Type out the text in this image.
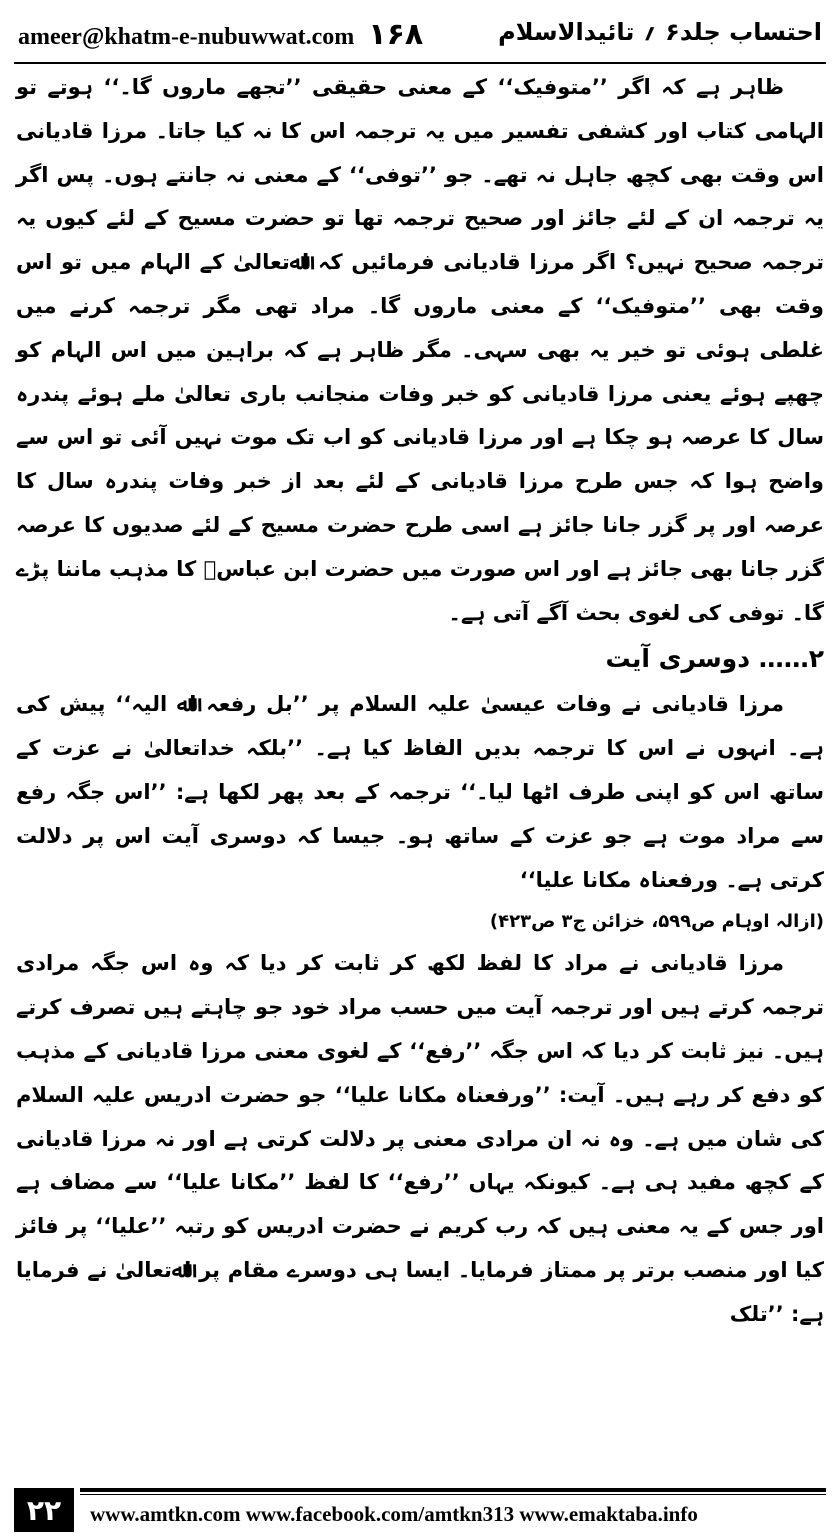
ameer@khatm-e-nubuwwat.com ۱۶۸	احتساب جلد۶ ؍ تائیدالاسلام

ظاہر ہے کہ اگر ’’متوفیک‘‘ کے معنی حقیقی ’’تجھے ماروں گا۔‘‘ ہوتے تو الہامی کتاب اور کشفی تفسیر میں یہ ترجمہ اس کا نہ کیا جاتا۔ مرزا قادیانی اس وقت بھی کچھ جاہل نہ تھے۔ جو ’’توفی‘‘ کے معنی نہ جانتے ہوں۔ پس اگر یہ ترجمہ ان کے لئے جائز اور صحیح ترجمہ تھا تو حضرت مسیح کے لئے کیوں یہ ترجمہ صحیح نہیں؟ اگر مرزا قادیانی فرمائیں کہ اﷲتعالیٰ کے الہام میں تو اس وقت بھی ’’متوفیک‘‘ کے معنی ماروں گا۔ مراد تھی مگر ترجمہ کرنے میں غلطی ہوئی تو خیر یہ بھی سہی۔ مگر ظاہر ہے کہ براہین میں اس الہام کو چھپے ہوئے یعنی مرزا قادیانی کو خبر وفات منجانب باری تعالیٰ ملے ہوئے پندرہ سال کا عرصہ ہو چکا ہے اور مرزا قادیانی کو اب تک موت نہیں آئی تو اس سے واضح ہوا کہ جس طرح مرزا قادیانی کے لئے بعد از خبر وفات پندرہ سال کا عرصہ اور پر گزر جانا جائز ہے اسی طرح حضرت مسیح کے لئے صدیوں کا عرصہ گزر جانا بھی جائز ہے اور اس صورت میں حضرت ابن عباسؓ کا مذہب ماننا پڑے گا۔ توفی کی لغوی بحث آگے آتی ہے۔

۲…… دوسری آیت

مرزا قادیانی نے وفات عیسیٰ علیہ السلام پر ’’بل رفعہ اﷲ الیہ‘‘ پیش کی ہے۔ انہوں نے اس کا ترجمہ بدیں الفاظ کیا ہے۔ ’’بلکہ خداتعالیٰ نے عزت کے ساتھ اس کو اپنی طرف اٹھا لیا۔‘‘ ترجمہ کے بعد پھر لکھا ہے: ’’اس جگہ رفع سے مراد موت ہے جو عزت کے ساتھ ہو۔ جیسا کہ دوسری آیت اس پر دلالت کرتی ہے۔ ورفعناہ مکانا علیا‘‘

(ازالہ اوہام ص۵۹۹، خزائن ج۳ ص۴۲۳)

مرزا قادیانی نے مراد کا لفظ لکھ کر ثابت کر دیا کہ وہ اس جگہ مرادی ترجمہ کرتے ہیں اور ترجمہ آیت میں حسب مراد خود جو چاہتے ہیں تصرف کرتے ہیں۔ نیز ثابت کر دیا کہ اس جگہ ’’رفع‘‘ کے لغوی معنی مرزا قادیانی کے مذہب کو دفع کر رہے ہیں۔ آیت: ’’ورفعناہ مکانا علیا‘‘ جو حضرت ادریس علیہ السلام کی شان میں ہے۔ وہ نہ ان مرادی معنی پر دلالت کرتی ہے اور نہ مرزا قادیانی کے کچھ مفید ہی ہے۔ کیونکہ یہاں ’’رفع‘‘ کا لفظ ’’مکانا علیا‘‘ سے مضاف ہے اور جس کے یہ معنی ہیں کہ رب کریم نے حضرت ادریس کو رتبہ ’’علیا‘‘ پر فائز کیا اور منصب برتر پر ممتاز فرمایا۔ ایسا ہی دوسرے مقام پر اﷲتعالیٰ نے فرمایا ہے: ’’تلک

۲۲	www.amtkn.com www.facebook.com/amtkn313 www.emaktaba.info
